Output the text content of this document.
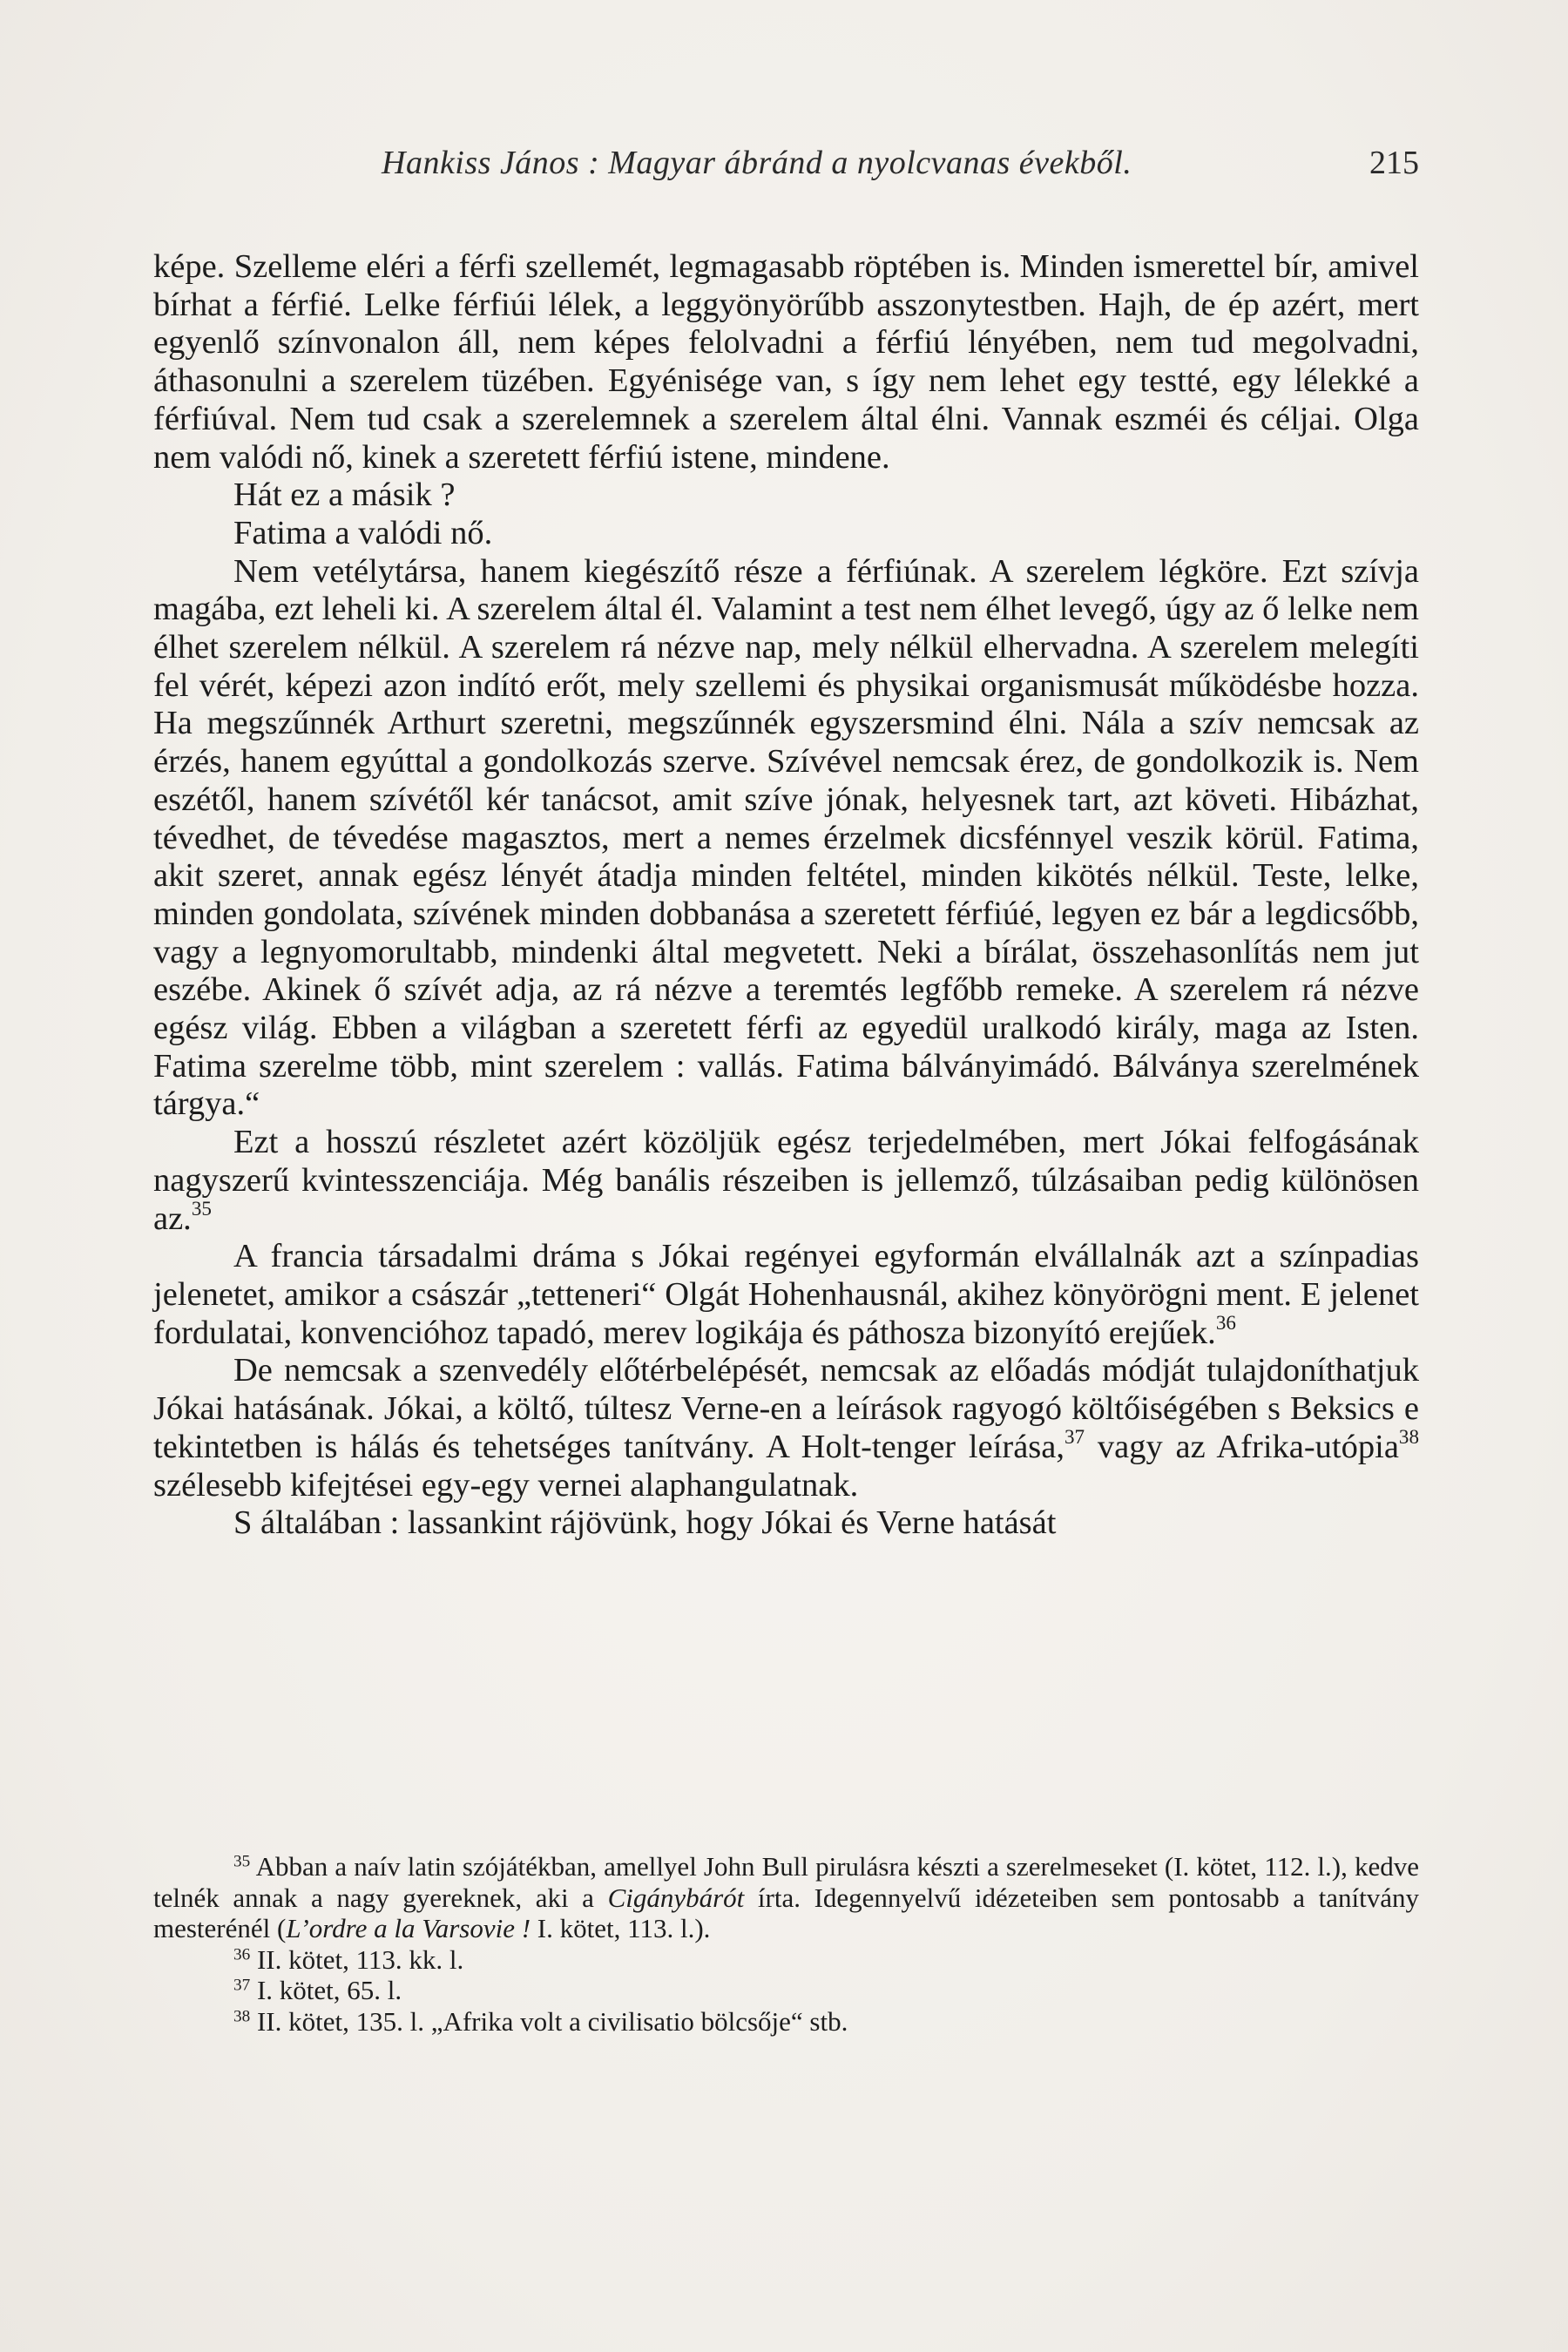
Hankiss János : Magyar ábránd a nyolcvanas évekből.	215

képe. Szelleme eléri a férfi szellemét, legmagasabb röptében is. Minden ismerettel bír, amivel bírhat a férfié. Lelke férfiúi lélek, a leggyönyörűbb asszonytestben. Hajh, de ép azért, mert egyenlő színvonalon áll, nem képes felolvadni a férfiú lényében, nem tud megolvadni, áthasonulni a szerelem tüzében. Egyénisége van, s így nem lehet egy testté, egy lélekké a férfiúval. Nem tud csak a szerelemnek a szerelem által élni. Vannak eszméi és céljai. Olga nem valódi nő, kinek a szeretett férfiú istene, mindene.

Hát ez a másik ?

Fatima a valódi nő.

Nem vetélytársa, hanem kiegészítő része a férfiúnak. A szerelem légköre. Ezt szívja magába, ezt leheli ki. A szerelem által él. Valamint a test nem élhet levegő, úgy az ő lelke nem élhet szerelem nélkül. A szerelem rá nézve nap, mely nélkül elhervadna. A szerelem melegíti fel vérét, képezi azon indító erőt, mely szellemi és physikai organismusát működésbe hozza. Ha megszűnnék Arthurt szeretni, megszűnnék egyszersmind élni. Nála a szív nemcsak az érzés, hanem egyúttal a gondolkozás szerve. Szívével nemcsak érez, de gondolkozik is. Nem eszétől, hanem szívétől kér tanácsot, amit szíve jónak, helyesnek tart, azt követi. Hibázhat, tévedhet, de tévedése magasztos, mert a nemes érzelmek dicsfénnyel veszik körül. Fatima, akit szeret, annak egész lényét átadja minden feltétel, minden kikötés nélkül. Teste, lelke, minden gondolata, szívének minden dobbanása a szeretett férfiúé, legyen ez bár a legdicsőbb, vagy a legnyomorultabb, mindenki által megvetett. Neki a bírálat, összehasonlítás nem jut eszébe. Akinek ő szívét adja, az rá nézve a teremtés legfőbb remeke. A szerelem rá nézve egész világ. Ebben a világban a szeretett férfi az egyedül uralkodó király, maga az Isten. Fatima szerelme több, mint szerelem : vallás. Fatima bálványimádó. Bálványa szerelmének tárgya.“

Ezt a hosszú részletet azért közöljük egész terjedelmében, mert Jókai felfogásának nagyszerű kvintesszenciája. Még banális részeiben is jellemző, túlzásaiban pedig különösen az.$^{35}$

A francia társadalmi dráma s Jókai regényei egyformán elvállalnák azt a színpadias jelenetet, amikor a császár „tetteneri“ Olgát Hohenhausnál, akihez könyörögni ment. E jelenet fordulatai, konvencióhoz tapadó, merev logikája és páthosza bizonyító erejűek.$^{36}$

De nemcsak a szenvedély előtérbelépését, nemcsak az előadás módját tulajdoníthatjuk Jókai hatásának. Jókai, a költő, túltesz Verne-en a leírások ragyogó költőiségében s Beksics e tekintetben is hálás és tehetséges tanítvány. A Holt-tenger leírása,$^{37}$ vagy az Afrika-utópia$^{38}$ szélesebb kifejtései egy-egy vernei alaphangulatnak.

S általában : lassankint rájövünk, hogy Jókai és Verne hatását

$^{35}$ Abban a naív latin szójátékban, amellyel John Bull pirulásra készti a szerelmeseket (I. kötet, 112. l.), kedve telnék annak a nagy gyereknek, aki a Cigánybárót írta. Idegennyelvű idézeteiben sem pontosabb a tanítvány mesterénél (L’ordre a la Varsovie ! I. kötet, 113. l.).

$^{36}$ II. kötet, 113. kk. l.

$^{37}$ I. kötet, 65. l.

$^{38}$ II. kötet, 135. l. „Afrika volt a civilisatio bölcsője“ stb.
